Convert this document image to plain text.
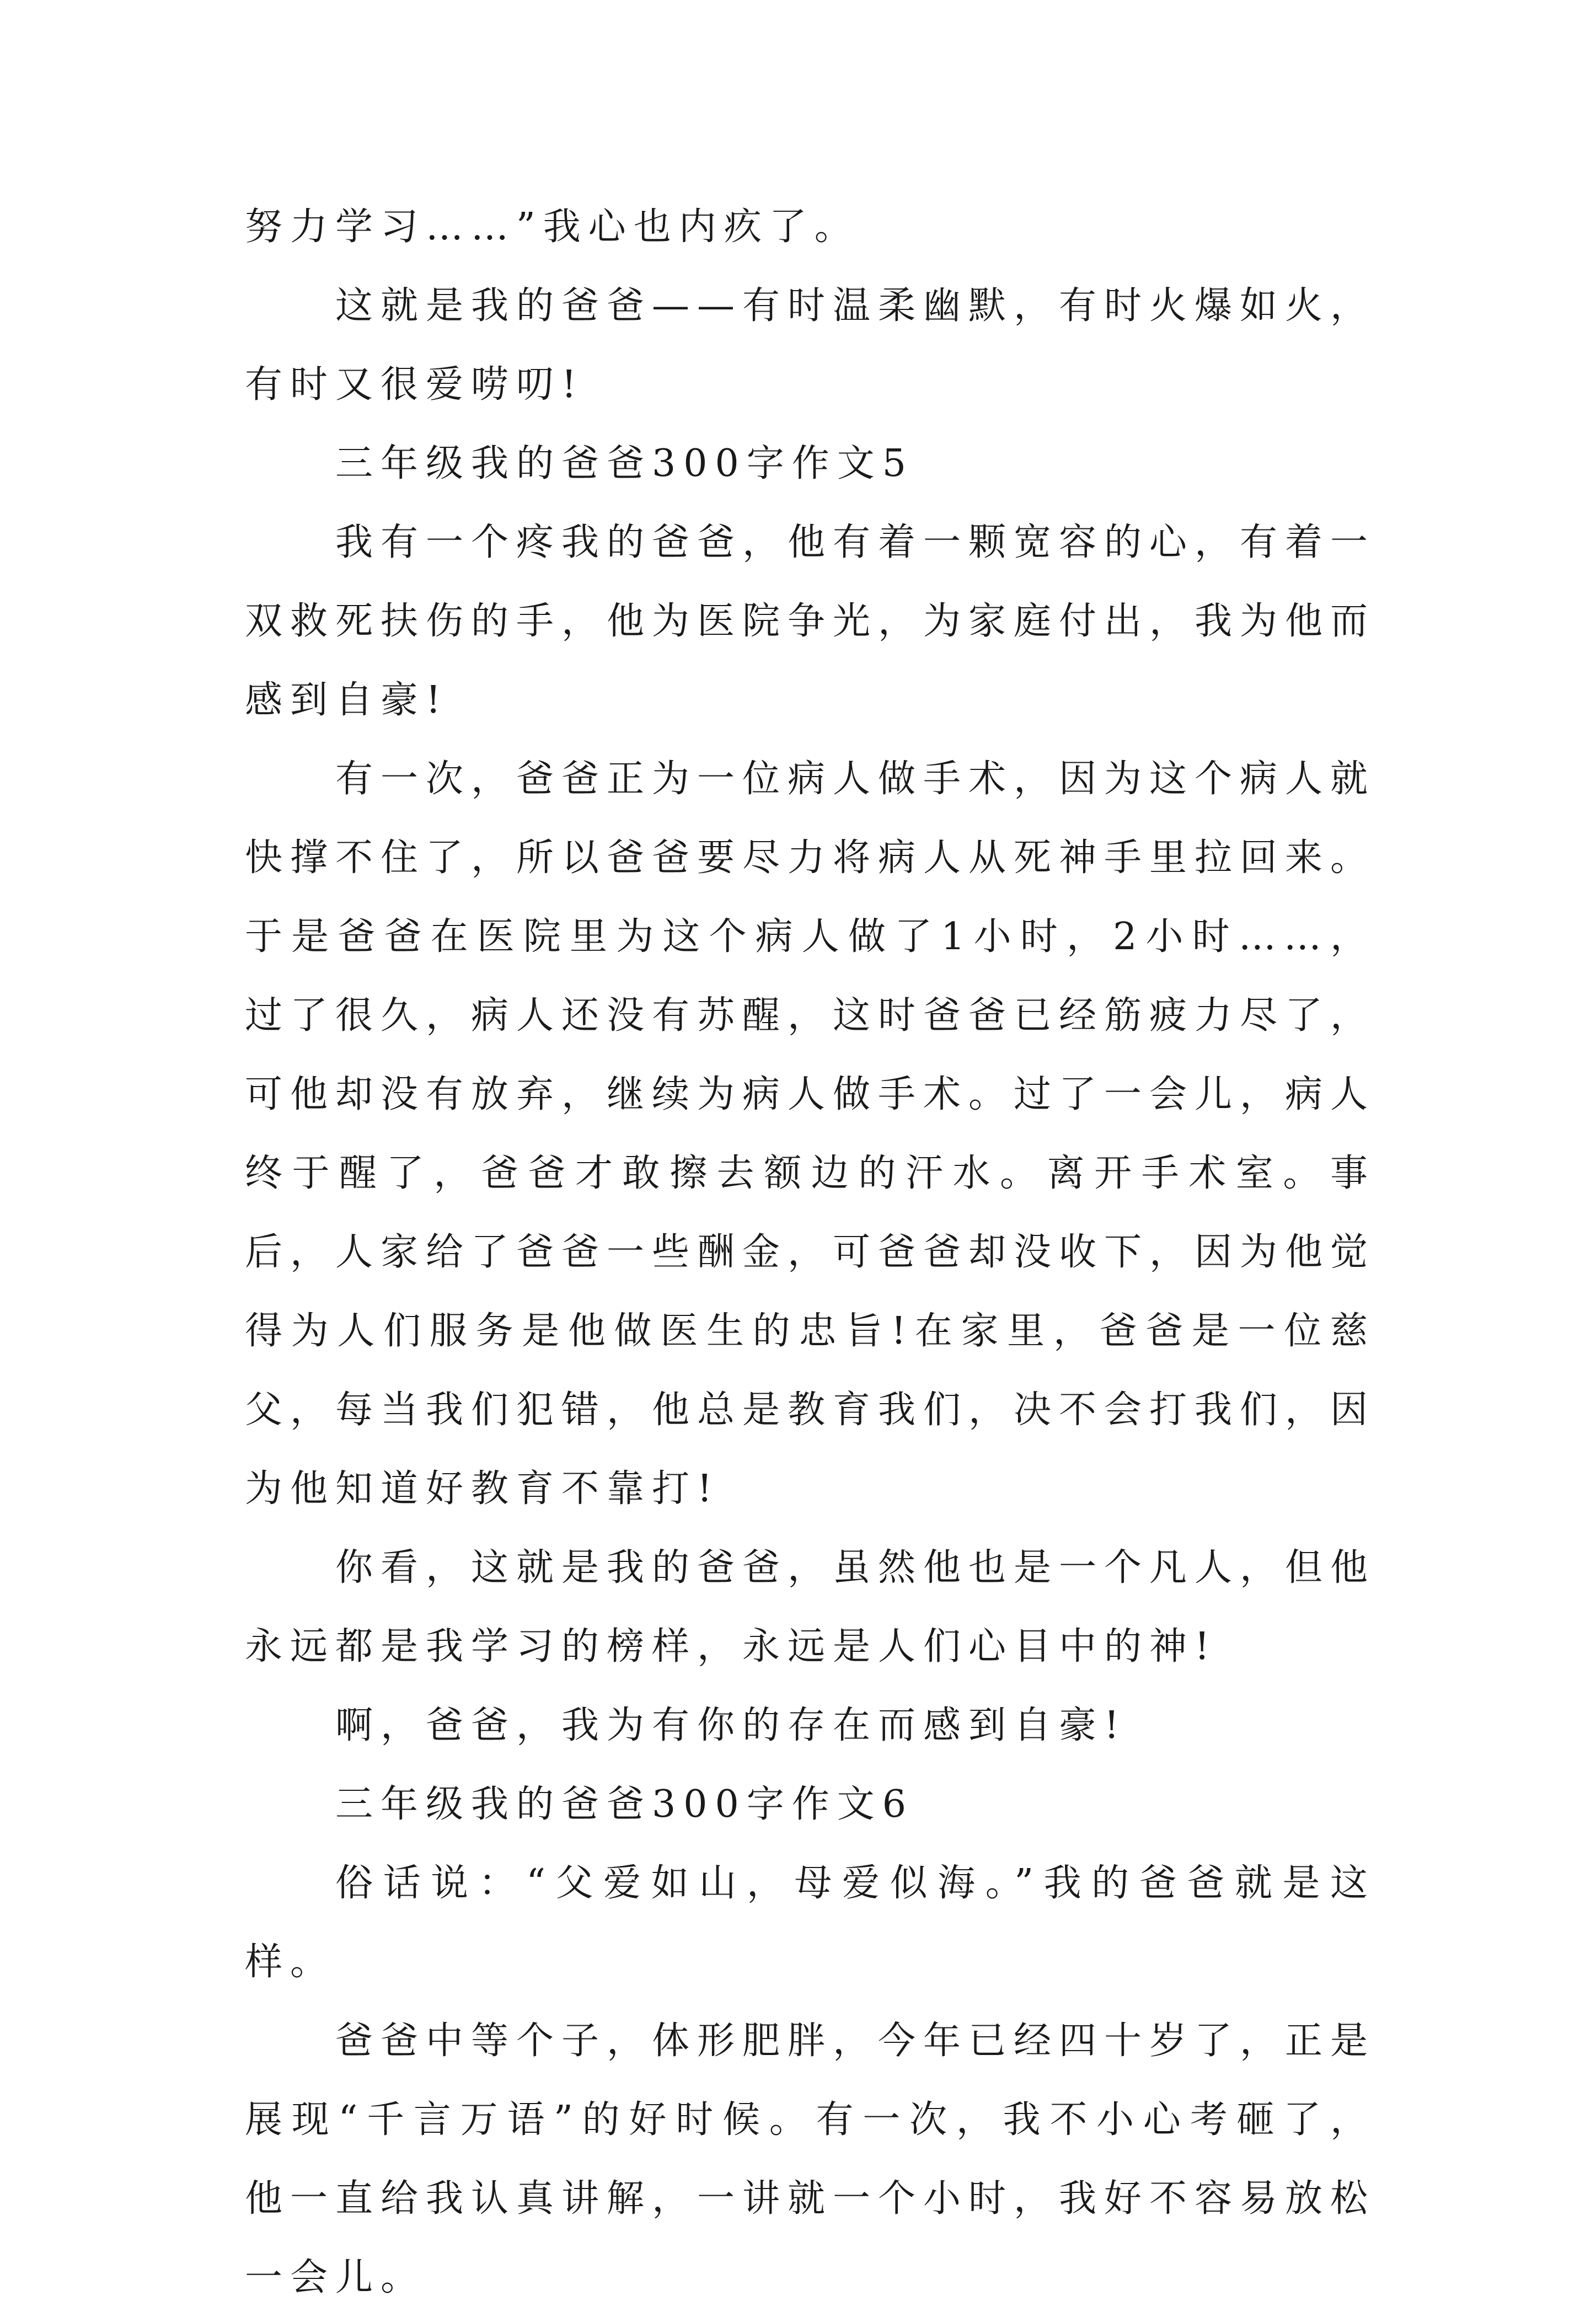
努力学习……”我心也内疚了。

这就是我的爸爸——有时温柔幽默，有时火爆如火，有时又很爱唠叨!

三年级我的爸爸300字作文5

我有一个疼我的爸爸，他有着一颗宽容的心，有着一双救死扶伤的手，他为医院争光，为家庭付出，我为他而感到自豪!

有一次，爸爸正为一位病人做手术，因为这个病人就快撑不住了，所以爸爸要尽力将病人从死神手里拉回来。于是爸爸在医院里为这个病人做了1小时，2小时……，过了很久，病人还没有苏醒，这时爸爸已经筋疲力尽了，可他却没有放弃，继续为病人做手术。过了一会儿，病人终于醒了，爸爸才敢擦去额边的汗水。离开手术室。事后，人家给了爸爸一些酬金，可爸爸却没收下，因为他觉得为人们服务是他做医生的忠旨!在家里，爸爸是一位慈父，每当我们犯错，他总是教育我们，决不会打我们，因为他知道好教育不靠打!

你看，这就是我的爸爸，虽然他也是一个凡人，但他永远都是我学习的榜样，永远是人们心目中的神!

啊，爸爸，我为有你的存在而感到自豪!

三年级我的爸爸300字作文6

俗话说：“父爱如山，母爱似海。”我的爸爸就是这样。

爸爸中等个子，体形肥胖，今年已经四十岁了，正是展现“千言万语”的好时候。有一次，我不小心考砸了，他一直给我认真讲解，一讲就一个小时，我好不容易放松一会儿。
